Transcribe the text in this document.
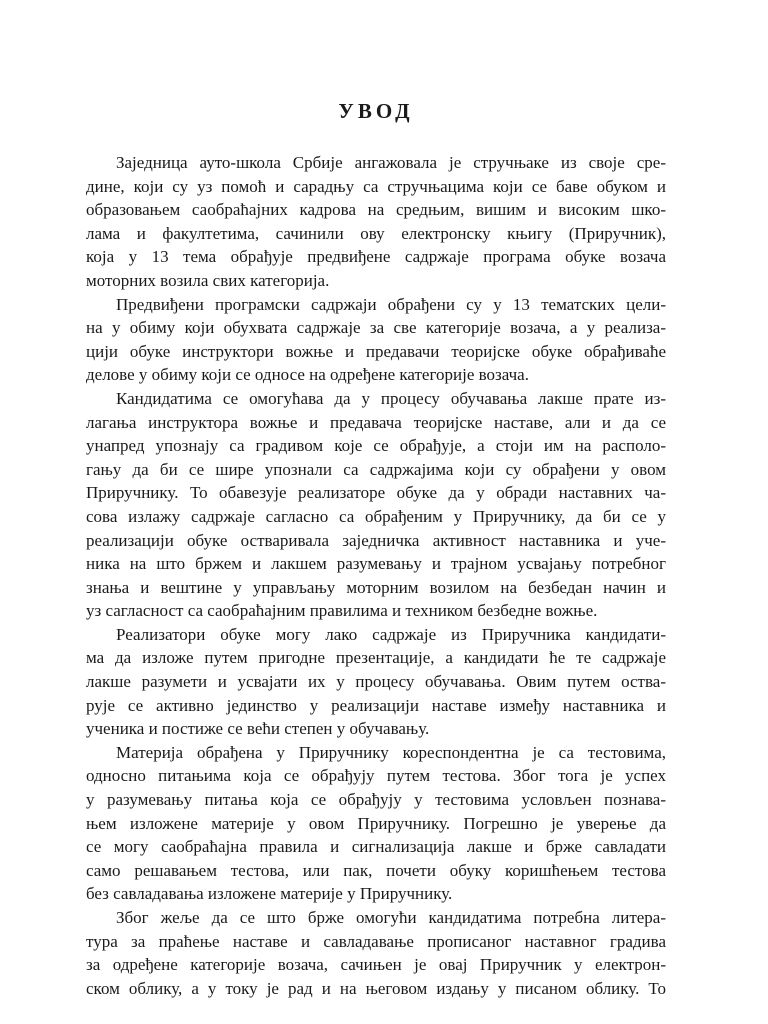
УВОД
Заједница ауто-школа Србије ангажовала је стручњаке из своје сре-
дине, који су уз помоћ и сарадњу са стручњацима који се баве обуком и
образовањем саобраћајних кадрова на средњим, вишим и високим шко-
лама и факултетима, сачинили ову електронску књигу (Приручник),
која у 13 тема обрађује предвиђене садржаје програма обуке возача
моторних возила свих категорија.
Предвиђени програмски садржаји обрађени су у 13 тематских цели-
на у обиму који обухвата садржаје за све категорије возача, а у реализа-
цији обуке инструктори вожње и предавачи теоријске обуке обрађиваће
делове у обиму који се односе на одређене категорије возача.
Кандидатима се омогућава да у процесу обучавања лакше прате из-
лагања инструктора вожње и предавача теоријске наставе, али и да се
унапред упознају са градивом које се обрађује, а стоји им на располо-
гању да би се шире упознали са садржајима који су обрађени у овом
Приручнику. То обавезује реализаторе обуке да у обради наставних ча-
сова излажу садржаје сагласно са обрађеним у Приручнику, да би се у
реализацији обуке остваривала заједничка активност наставника и уче-
ника на што бржем и лакшем разумевању и трајном усвајању потребног
знања и вештине у управљању моторним возилом на безбедан начин и
уз сагласност са саобраћајним правилима и техником безбедне вожње.
Реализатори обуке могу лако садржаје из Приручника кандидати-
ма да изложе путем пригодне презентације, а кандидати ће те садржаје
лакше разумети и усвајати их у процесу обучавања. Овим путем оства-
рује се активно јединство у реализацији наставе између наставника и
ученика и постиже се већи степен у обучавању.
Материја обрађена у Приручнику кореспондентна је са тестовима,
односно питањима која се обрађују путем тестова. Због тога је успех
у разумевању питања која се обрађују у тестовима условљен познава-
њем изложене материје у овом Приручнику. Погрешно је уверење да
се могу саобраћајна правила и сигнализација лакше и брже савладати
само решавањем тестова, или пак, почети обуку коришћењем тестова
без савладавања изложене материје у Приручнику.
Због жеље да се што брже омогући кандидатима потребна литера-
тура за праћење наставе и савладавање прописаног наставног градива
за одређене категорије возача, сачињен је овај Приручник у електрон-
ском облику, а у току је рад и на његовом издању у писаном облику. То
